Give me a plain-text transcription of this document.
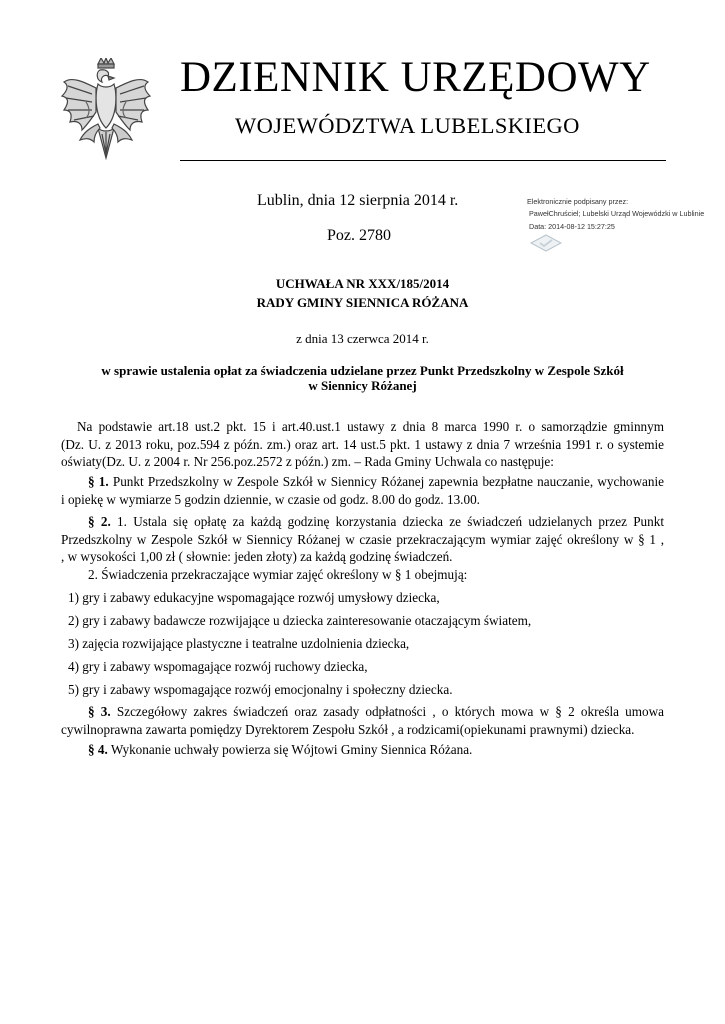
DZIENNIK URZĘDOWY
WOJEWÓDZTWA LUBELSKIEGO
Lublin, dnia 12 sierpnia 2014 r.
Poz. 2780
Elektronicznie podpisany przez:
PawełChruściel; Lubelski Urząd Wojewódzki w Lublinie
Data: 2014-08-12 15:27:25
UCHWAŁA NR XXX/185/2014
RADY GMINY SIENNICA RÓŻANA
z dnia 13 czerwca 2014 r.
w sprawie ustalenia opłat za świadczenia udzielane przez Punkt Przedszkolny w Zespole Szkół
w Siennicy Różanej
Na podstawie art.18 ust.2 pkt. 15 i art.40.ust.1 ustawy z dnia 8 marca 1990 r. o samorządzie gminnym
(Dz. U. z 2013 roku, poz.594 z późn. zm.) oraz art. 14 ust.5 pkt. 1 ustawy z dnia 7 września 1991 r. o systemie
oświaty(Dz. U. z 2004 r. Nr 256.poz.2572 z późn.) zm. – Rada Gminy Uchwala co następuje:
§ 1. Punkt Przedszkolny w Zespole Szkół w Siennicy Różanej zapewnia bezpłatne nauczanie, wychowanie
i opiekę w wymiarze 5 godzin dziennie, w czasie od godz. 8.00 do godz. 13.00.
§ 2. 1. Ustala się opłatę za każdą godzinę korzystania dziecka ze świadczeń udzielanych przez Punkt
Przedszkolny w Zespole Szkół w Siennicy Różanej w czasie przekraczającym wymiar zajęć określony w § 1 ,
, w wysokości 1,00 zł ( słownie: jeden złoty) za każdą godzinę świadczeń.
2. Świadczenia przekraczające wymiar zajęć określony w § 1 obejmują:
1) gry i zabawy edukacyjne wspomagające rozwój umysłowy dziecka,
2) gry i zabawy badawcze rozwijające u dziecka zainteresowanie otaczającym światem,
3) zajęcia rozwijające plastyczne i teatralne uzdolnienia dziecka,
4) gry i zabawy wspomagające rozwój ruchowy dziecka,
5) gry i zabawy wspomagające rozwój emocjonalny i społeczny dziecka.
§ 3. Szczegółowy zakres świadczeń oraz zasady odpłatności , o których mowa w § 2 określa umowa
cywilnoprawna zawarta pomiędzy Dyrektorem Zespołu Szkół , a rodzicami(opiekunami prawnymi) dziecka.
§ 4. Wykonanie uchwały powierza się Wójtowi Gminy Siennica Różana.
